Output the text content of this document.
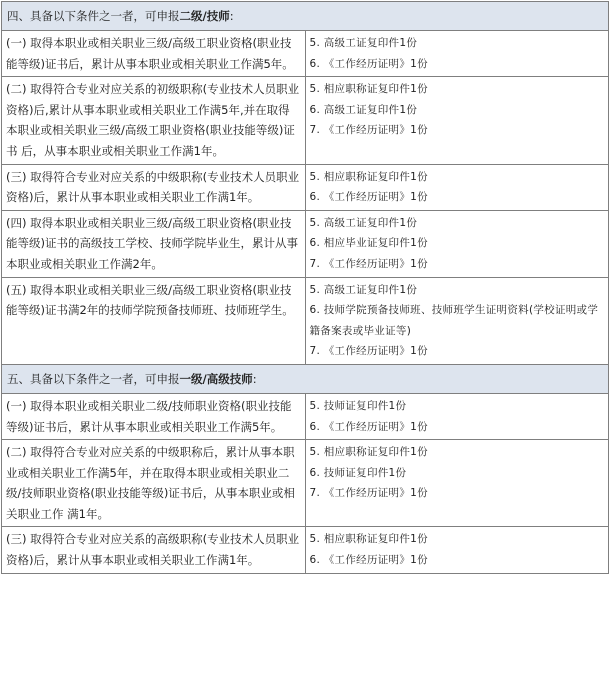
四、具备以下条件之一者，可申报二级/技师:	

(一) 取得本职业或相关职业三级/高级工职业资格(职业技能等级)证书后，累计从事本职业或相关职业工作满5年。	5. 高级工证复印件1份
6. 《工作经历证明》1份

(二) 取得符合专业对应关系的初级职称(专业技术人员职业资格)后,累计从事本职业或相关职业工作满5年,并在取得本职业或相关职业三级/高级工职业资格(职业技能等级)证书 后，从事本职业或相关职业工作满1年。	5. 相应职称证复印件1份
6. 高级工证复印件1份
7. 《工作经历证明》1份

(三) 取得符合专业对应关系的中级职称(专业技术人员职业资格)后，累计从事本职业或相关职业工作满1年。	5. 相应职称证复印件1份
6. 《工作经历证明》1份

(四) 取得本职业或相关职业三级/高级工职业资格(职业技能等级)证书的高级技工学校、技师学院毕业生，累计从事本职业或相关职业工作满2年。	5. 高级工证复印件1份
6. 相应毕业证复印件1份
7. 《工作经历证明》1份

(五) 取得本职业或相关职业三级/高级工职业资格(职业技能等级)证书满2年的技师学院预备技师班、技师班学生。	5. 高级工证复印件1份
6. 技师学院预备技师班、技师班学生证明资料(学校证明或学籍备案表或毕业证等)
7. 《工作经历证明》1份

五、具备以下条件之一者，可申报一级/高级技师:	

(一) 取得本职业或相关职业二级/技师职业资格(职业技能等级)证书后，累计从事本职业或相关职业工作满5年。	5. 技师证复印件1份
6. 《工作经历证明》1份

(二) 取得符合专业对应关系的中级职称后，累计从事本职业或相关职业工作满5年，并在取得本职业或相关职业二级/技师职业资格(职业技能等级)证书后，从事本职业或相关职业工作 满1年。	5. 相应职称证复印件1份
6. 技师证复印件1份
7. 《工作经历证明》1份

(三) 取得符合专业对应关系的高级职称(专业技术人员职业资格)后，累计从事本职业或相关职业工作满1年。	5. 相应职称证复印件1份
6. 《工作经历证明》1份
